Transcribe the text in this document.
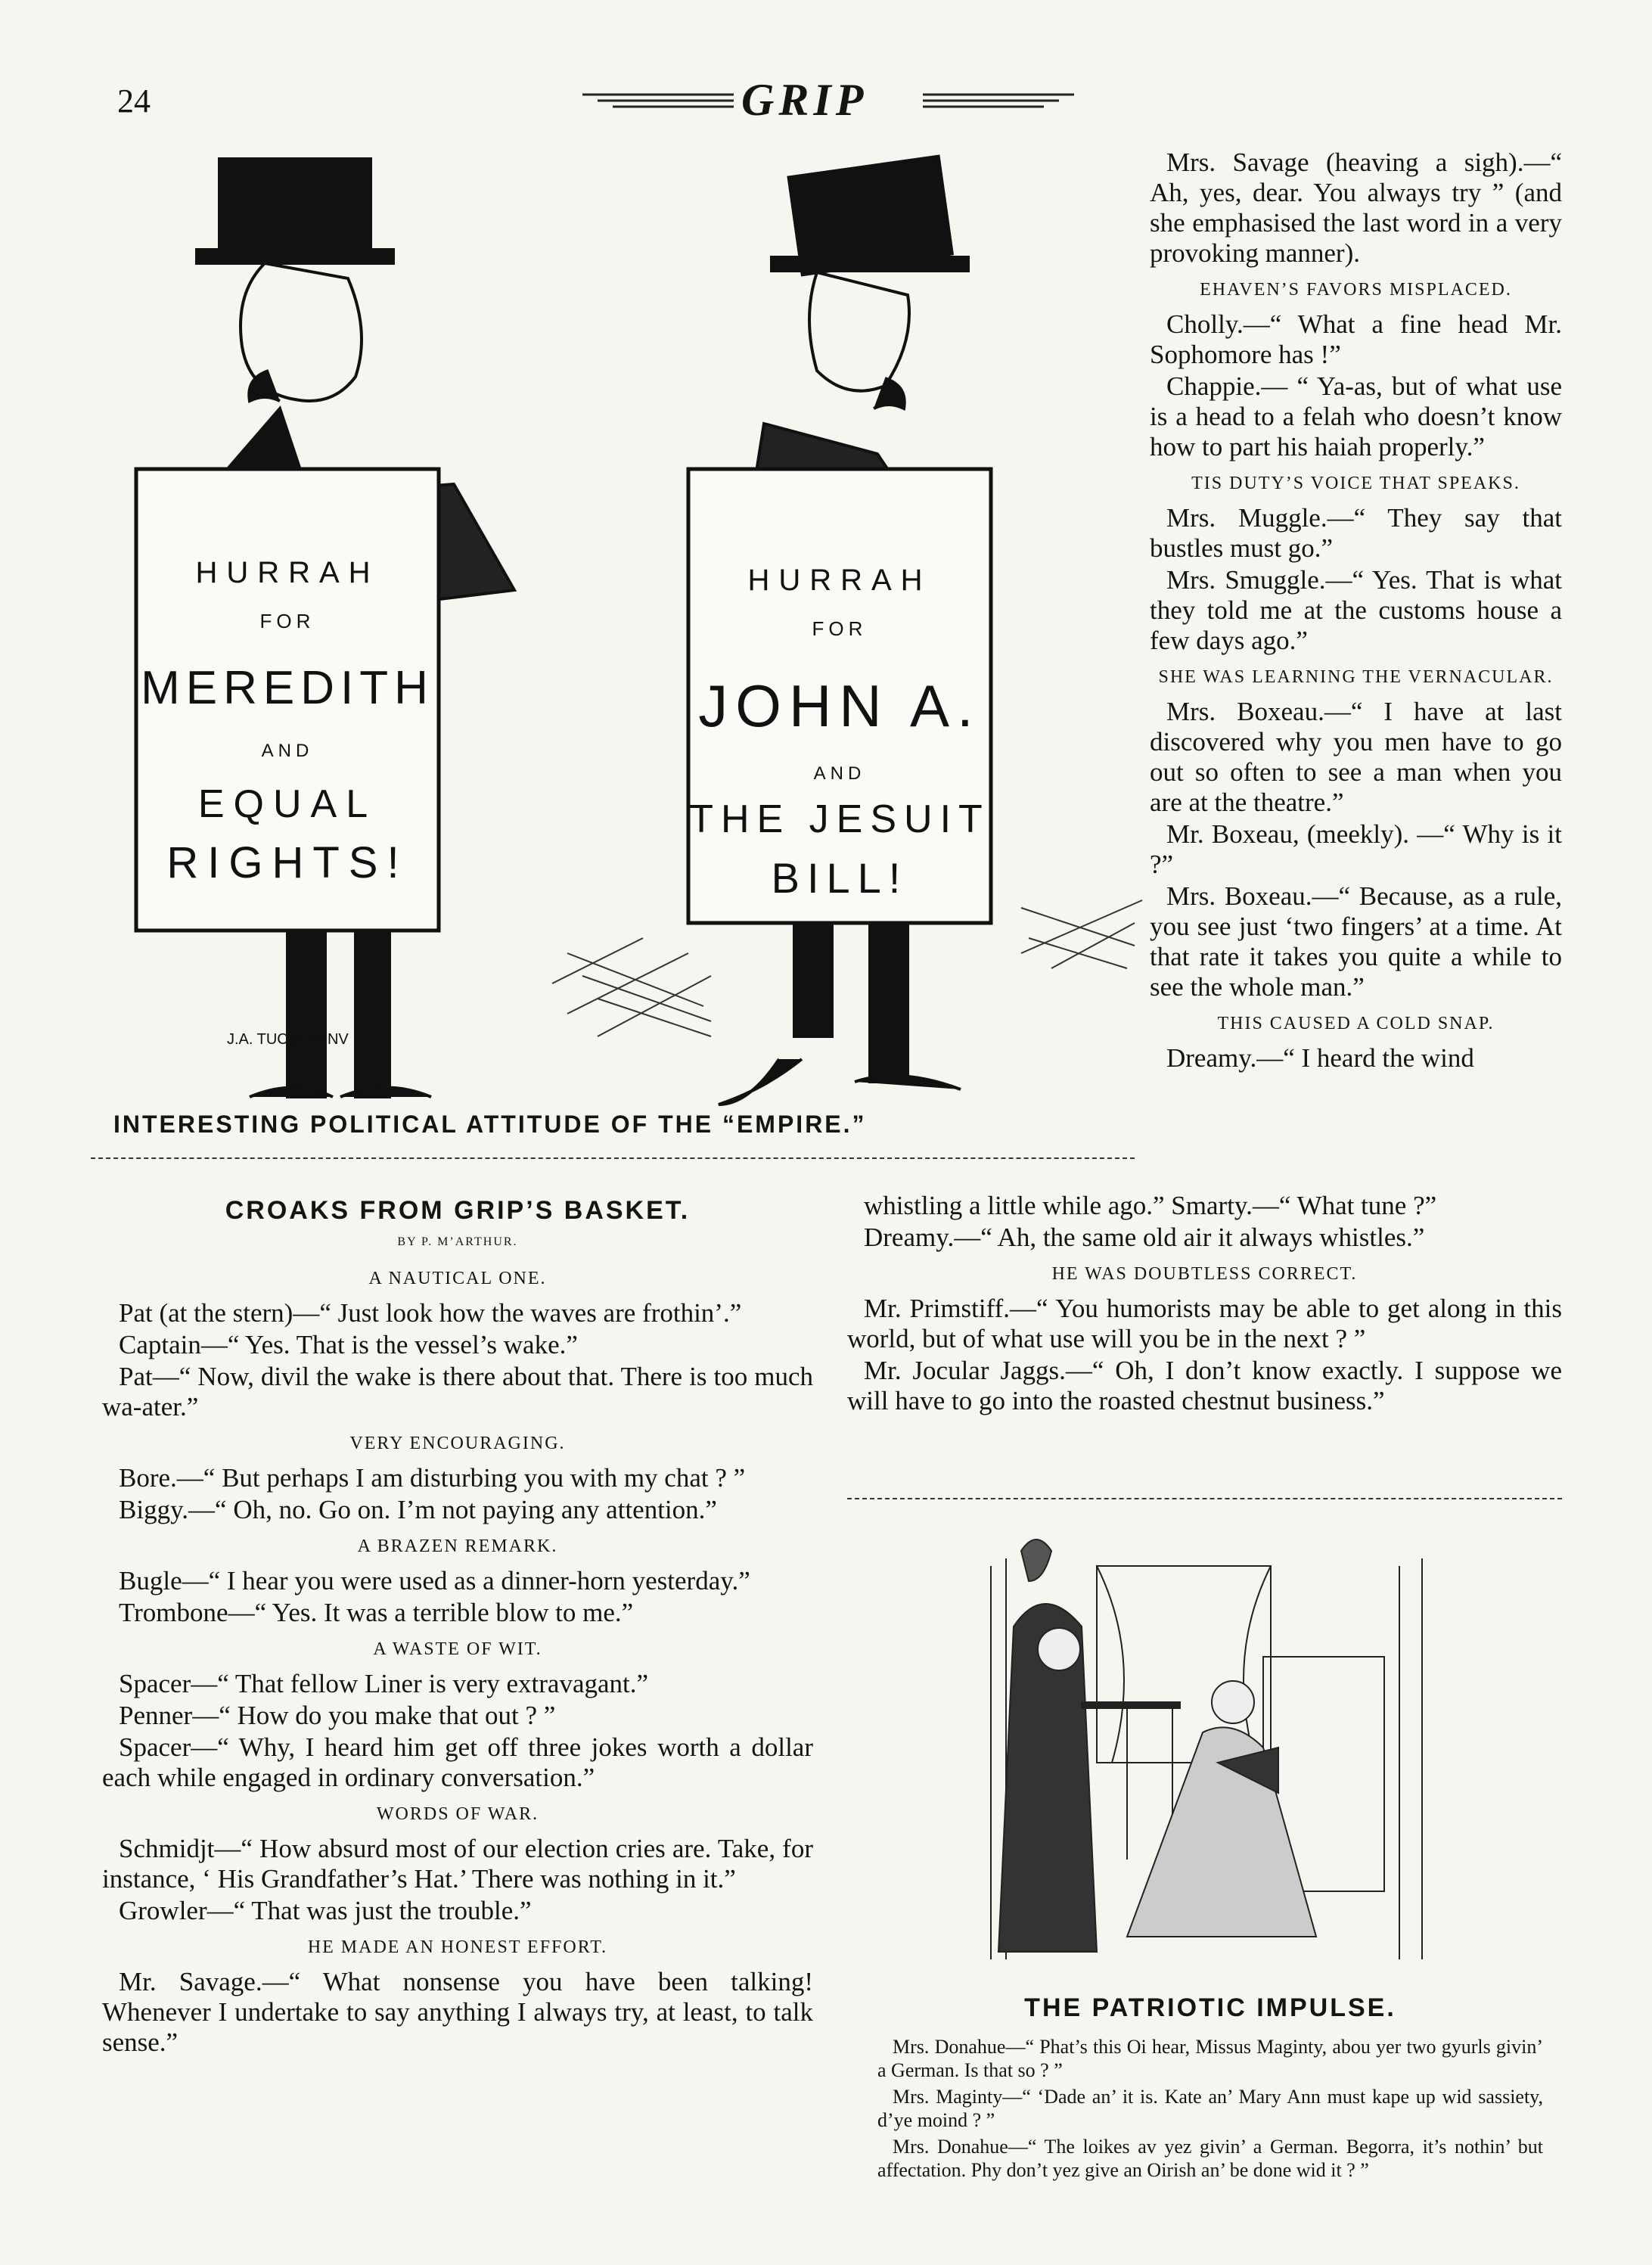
24	GRIP
HURRAH
FOR
MEREDITH
AND
EQUAL
RIGHTS!
HURRAH
FOR
JOHN A.
AND
THE JESUIT
BILL!
J.A. TUCKER INV
INTERESTING POLITICAL ATTITUDE OF THE “EMPIRE.”

Mrs. Savage (heaving a sigh).—“ Ah, yes, dear. You always try ” (and she emphasised the last word in a very provoking manner).

EHAVEN’S FAVORS MISPLACED.

Cholly.—“ What a fine head Mr. Sophomore has !”

Chappie.— “ Ya-as, but of what use is a head to a felah who doesn’t know how to part his haiah properly.”

TIS DUTY’S VOICE THAT SPEAKS.

Mrs. Muggle.—“ They say that bustles must go.”

Mrs. Smuggle.—“ Yes. That is what they told me at the customs house a few days ago.”

SHE WAS LEARNING THE VERNACULAR.

Mrs. Boxeau.—“ I have at last discovered why you men have to go out so often to see a man when you are at the theatre.”

Mr. Boxeau, (meekly). —“ Why is it ?”

Mrs. Boxeau.—“ Because, as a rule, you see just ‘two fingers’ at a time. At that rate it takes you quite a while to see the whole man.”

THIS CAUSED A COLD SNAP.

Dreamy.—“ I heard the wind

whistling a little while ago.” Smarty.—“ What tune ?”

Dreamy.—“ Ah, the same old air it always whistles.”

HE WAS DOUBTLESS CORRECT.

Mr. Primstiff.—“ You humorists may be able to get along in this world, but of what use will you be in the next ? ”

Mr. Jocular Jaggs.—“ Oh, I don’t know exactly. I suppose we will have to go into the roasted chestnut business.”

CROAKS FROM GRIP’S BASKET.
BY P. M’ARTHUR.
A NAUTICAL ONE.

Pat (at the stern)—“ Just look how the waves are frothin’.”

Captain—“ Yes. That is the vessel’s wake.”

Pat—“ Now, divil the wake is there about that. There is too much wa-ater.”

VERY ENCOURAGING.

Bore.—“ But perhaps I am disturbing you with my chat ? ”

Biggy.—“ Oh, no. Go on. I’m not paying any attention.”

A BRAZEN REMARK.

Bugle—“ I hear you were used as a dinner-horn yesterday.”

Trombone—“ Yes. It was a terrible blow to me.”

A WASTE OF WIT.

Spacer—“ That fellow Liner is very extravagant.”

Penner—“ How do you make that out ? ”

Spacer—“ Why, I heard him get off three jokes worth a dollar each while engaged in ordinary conversation.”

WORDS OF WAR.

Schmidjt—“ How absurd most of our election cries are. Take, for instance, ‘ His Grandfather’s Hat.’ There was nothing in it.”

Growler—“ That was just the trouble.”

HE MADE AN HONEST EFFORT.

Mr. Savage.—“ What nonsense you have been talking! Whenever I undertake to say anything I always try, at least, to talk sense.”

THE PATRIOTIC IMPULSE.

Mrs. Donahue—“ Phat’s this Oi hear, Missus Maginty, abou yer two gyurls givin’ a German. Is that so ? ”

Mrs. Maginty—“ ‘Dade an’ it is. Kate an’ Mary Ann must kape up wid sassiety, d’ye moind ? ”

Mrs. Donahue—“ The loikes av yez givin’ a German. Begorra, it’s nothin’ but affectation. Phy don’t yez give an Oirish an’ be done wid it ? ”
